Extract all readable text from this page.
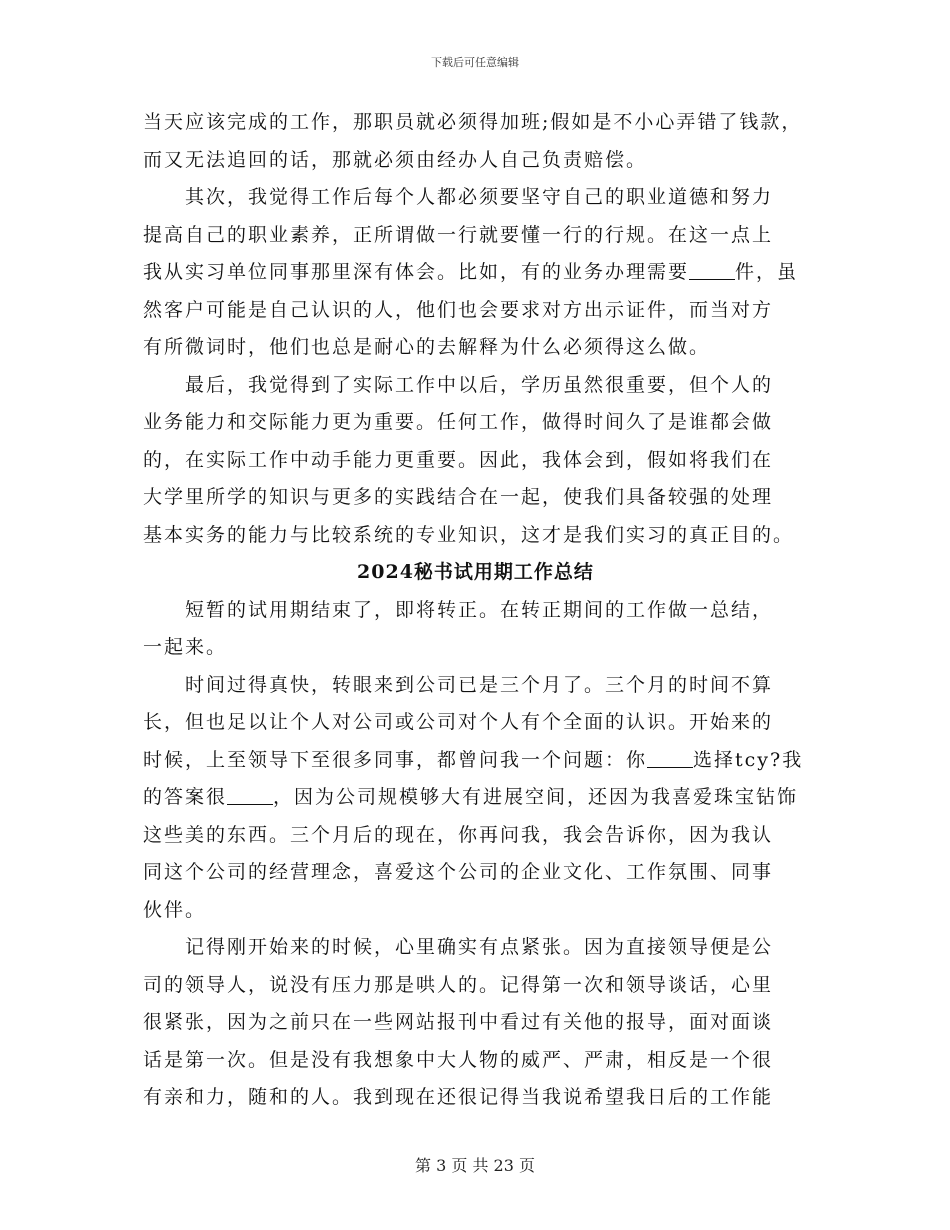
下载后可任意编辑
当天应该完成的工作，那职员就必须得加班;假如是不小心弄错了钱款，
而又无法追回的话，那就必须由经办人自己负责赔偿。
其次，我觉得工作后每个人都必须要坚守自己的职业道德和努力
提高自己的职业素养，正所谓做一行就要懂一行的行规。在这一点上
我从实习单位同事那里深有体会。比如，有的业务办理需要 件，虽
然客户可能是自己认识的人，他们也会要求对方出示证件，而当对方
有所微词时，他们也总是耐心的去解释为什么必须得这么做。
最后，我觉得到了实际工作中以后，学历虽然很重要，但个人的
业务能力和交际能力更为重要。任何工作，做得时间久了是谁都会做
的，在实际工作中动手能力更重要。因此，我体会到，假如将我们在
大学里所学的知识与更多的实践结合在一起，使我们具备较强的处理
基本实务的能力与比较系统的专业知识，这才是我们实习的真正目的。
2024秘书试用期工作总结
短暂的试用期结束了，即将转正。在转正期间的工作做一总结，
一起来。
时间过得真快，转眼来到公司已是三个月了。三个月的时间不算
长，但也足以让个人对公司或公司对个人有个全面的认识。开始来的
时候，上至领导下至很多同事，都曾问我一个问题：你 选择tcy?我
的答案很 ，因为公司规模够大有进展空间，还因为我喜爱珠宝钻饰
这些美的东西。三个月后的现在，你再问我，我会告诉你，因为我认
同这个公司的经营理念，喜爱这个公司的企业文化、工作氛围、同事
伙伴。
记得刚开始来的时候，心里确实有点紧张。因为直接领导便是公
司的领导人，说没有压力那是哄人的。记得第一次和领导谈话，心里
很紧张，因为之前只在一些网站报刊中看过有关他的报导，面对面谈
话是第一次。但是没有我想象中大人物的威严、严肃，相反是一个很
有亲和力，随和的人。我到现在还很记得当我说希望我日后的工作能
第 3 页 共 23 页
